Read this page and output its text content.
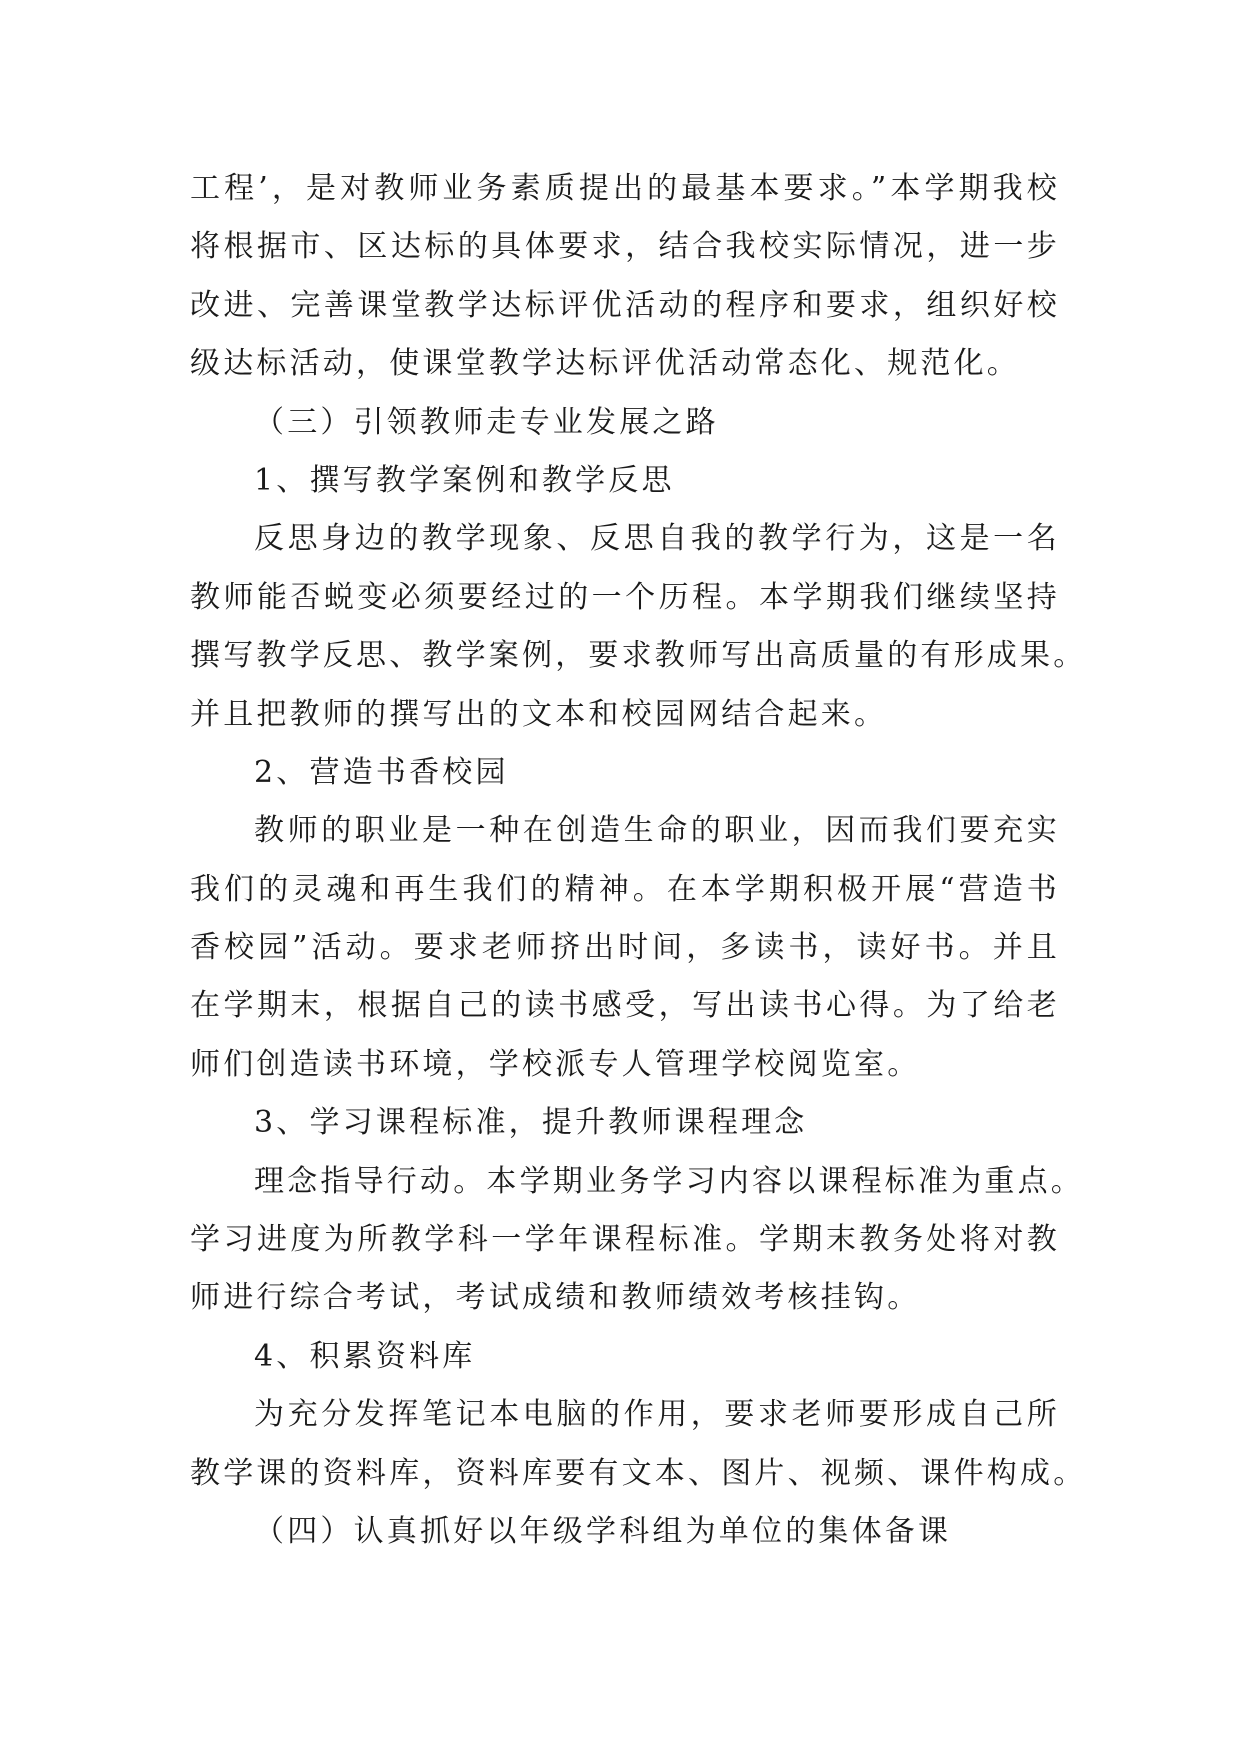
工程’，是对教师业务素质提出的最基本要求。”本学期我校
将根据市、区达标的具体要求，结合我校实际情况，进一步
改进、完善课堂教学达标评优活动的程序和要求，组织好校
级达标活动，使课堂教学达标评优活动常态化、规范化。
（三）引领教师走专业发展之路
1、撰写教学案例和教学反思
反思身边的教学现象、反思自我的教学行为，这是一名
教师能否蜕变必须要经过的一个历程。本学期我们继续坚持
撰写教学反思、教学案例，要求教师写出高质量的有形成果。
并且把教师的撰写出的文本和校园网结合起来。
2、营造书香校园
教师的职业是一种在创造生命的职业，因而我们要充实
我们的灵魂和再生我们的精神。在本学期积极开展“营造书
香校园”活动。要求老师挤出时间，多读书，读好书。并且
在学期末，根据自己的读书感受，写出读书心得。为了给老
师们创造读书环境，学校派专人管理学校阅览室。
3、学习课程标准，提升教师课程理念
理念指导行动。本学期业务学习内容以课程标准为重点。
学习进度为所教学科一学年课程标准。学期末教务处将对教
师进行综合考试，考试成绩和教师绩效考核挂钩。
4、积累资料库
为充分发挥笔记本电脑的作用，要求老师要形成自己所
教学课的资料库，资料库要有文本、图片、视频、课件构成。
（四）认真抓好以年级学科组为单位的集体备课
